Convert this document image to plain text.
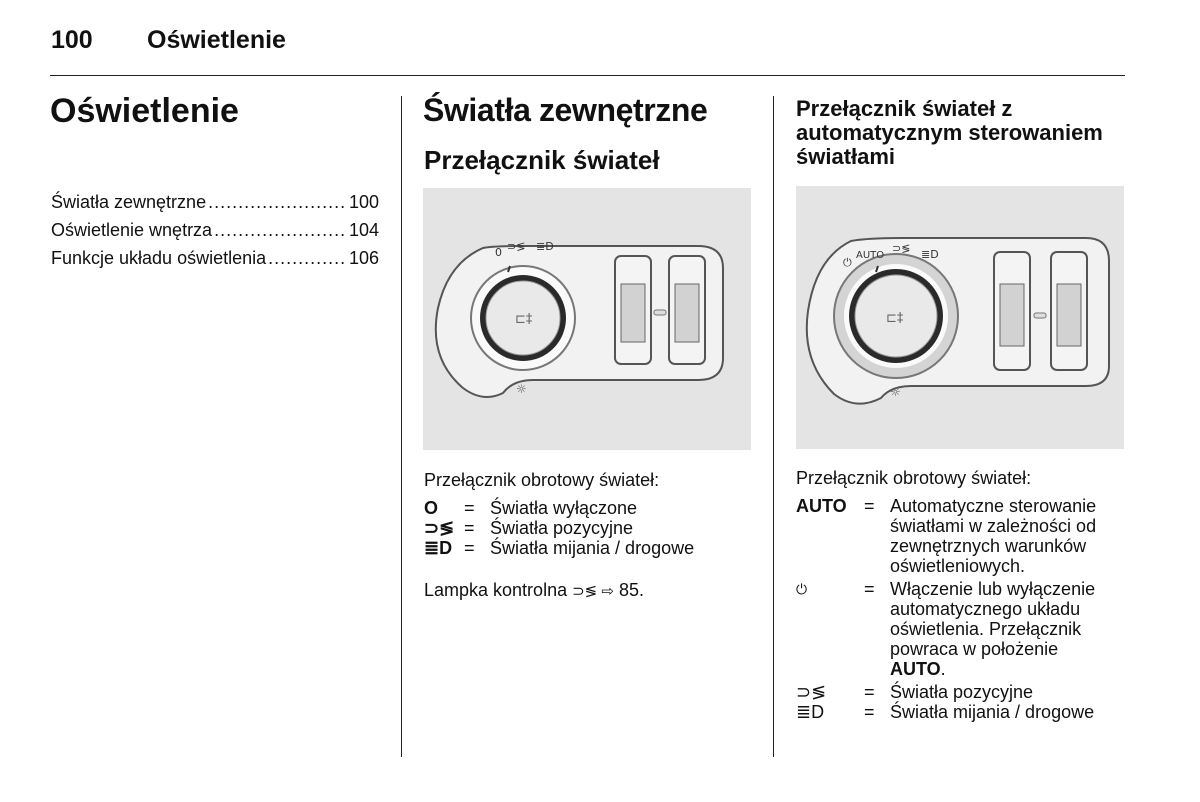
100 Oświetlenie
Oświetlenie
Światła zewnętrzne .....	100
Oświetlenie wnętrza .....	104
Funkcje układu oświetlenia .....	106
Światła zewnętrzne
Przełącznik świateł
0 ⊃≶ ≣D
⊏‡
☼
Przełącznik obrotowy świateł:
O	= Światła wyłączone
⊃≶ = Światła pozycyjne
≣D = Światła mijania / drogowe
Lampka kontrolna ⊃≶ ⇨ 85.
Przełącznik świateł z
automatycznym sterowaniem
światłami
⏻
AUTO
⊃≶ ≣D
⊏‡
☼
Przełącznik obrotowy świateł:
AUTO = Automatyczne sterowanie
światłami w zależności od
zewnętrznych warunków
oświetleniowych.
⏻	= Włączenie lub wyłączenie
automatycznego układu
oświetlenia. Przełącznik
powraca w położenie
AUTO.
⊃≶	= Światła pozycyjne
≣D	= Światła mijania / drogowe
